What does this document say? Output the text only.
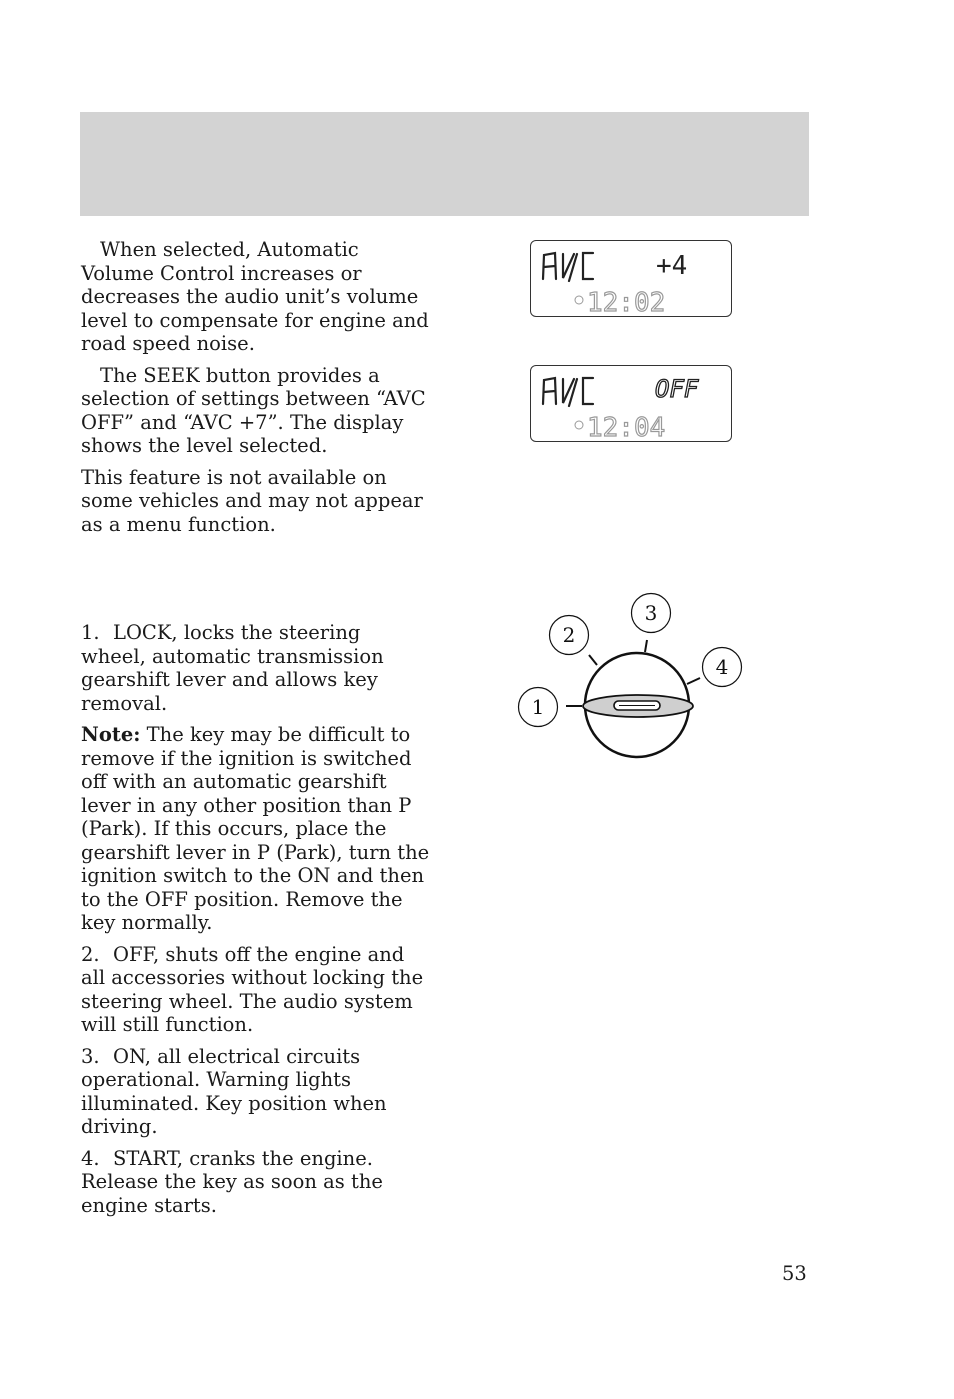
When selected, Automatic Volume Control increases or decreases the audio unit’s volume level to compensate for engine and road speed noise.

The SEEK button provides a selection of settings between “AVC OFF” and “AVC +7”. The display shows the level selected.

This feature is not available on some vehicles and may not appear as a menu function.

+4
12:02
OFF
12:04

1. LOCK, locks the steering wheel, automatic transmission gearshift lever and allows key removal.

Note: The key may be difficult to remove if the ignition is switched off with an automatic gearshift lever in any other position than P (Park). If this occurs, place the gearshift lever in P (Park), turn the ignition switch to the ON and then to the OFF position. Remove the key normally.

2. OFF, shuts off the engine and all accessories without locking the steering wheel. The audio system will still function.

3. ON, all electrical circuits operational. Warning lights illuminated. Key position when driving.

4. START, cranks the engine. Release the key as soon as the engine starts.

1
2
3
4
53
